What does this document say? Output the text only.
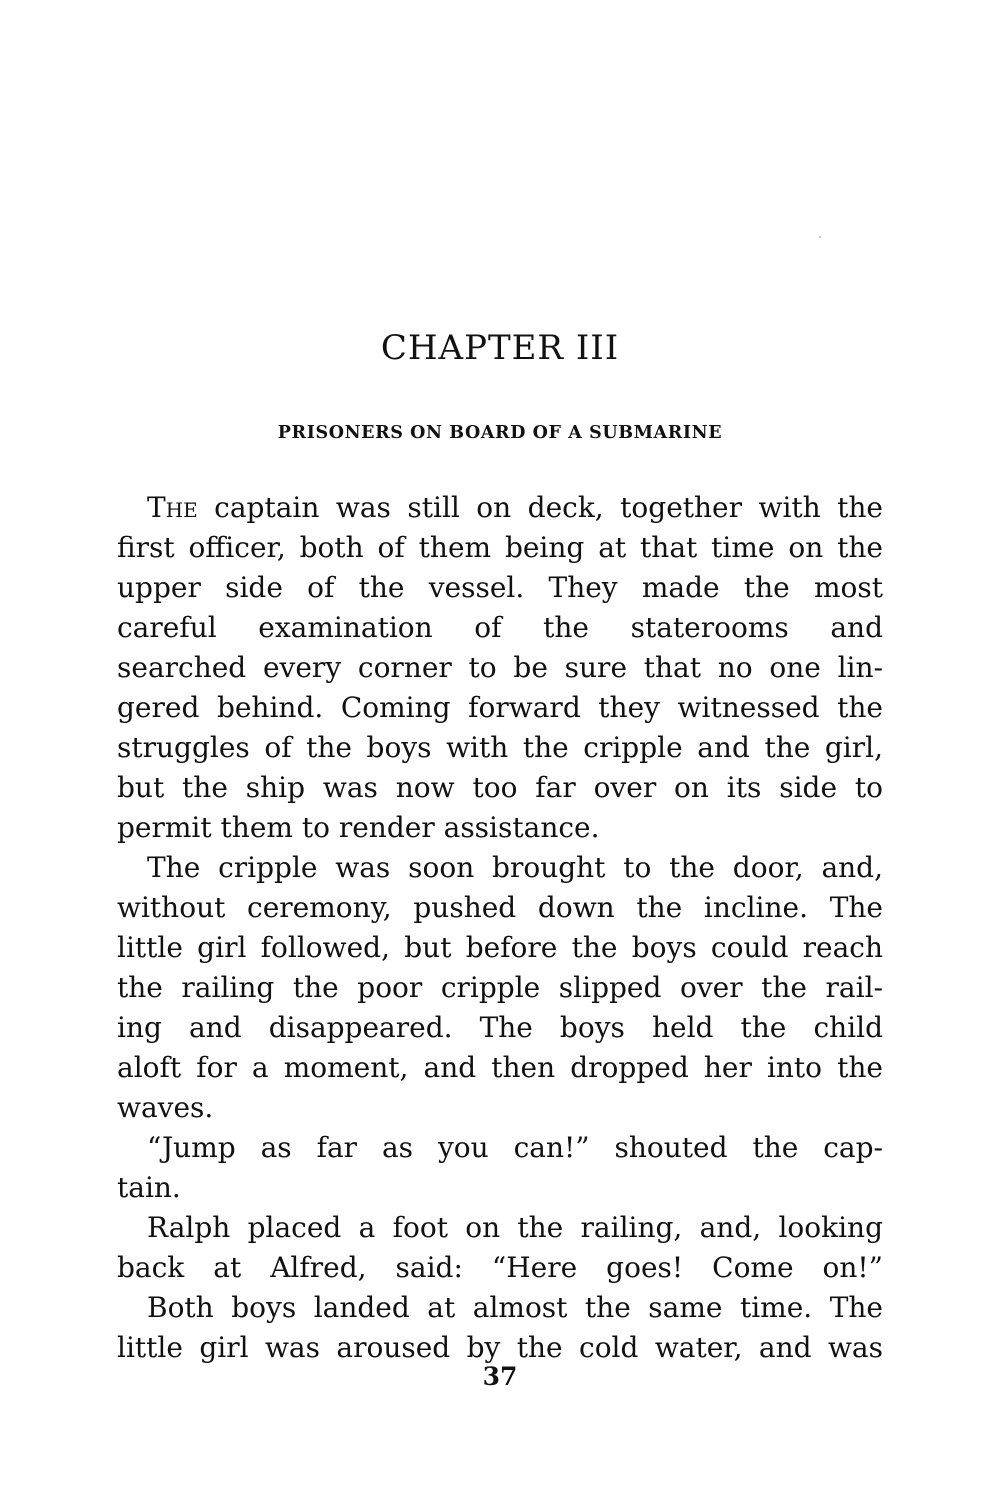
CHAPTER III
PRISONERS ON BOARD OF A SUBMARINE
The captain was still on deck, together with the
first officer, both of them being at that time on the
upper side of the vessel. They made the most
careful examination of the staterooms and
searched every corner to be sure that no one lin-
gered behind. Coming forward they witnessed the
struggles of the boys with the cripple and the girl,
but the ship was now too far over on its side to
permit them to render assistance.
The cripple was soon brought to the door, and,
without ceremony, pushed down the incline. The
little girl followed, but before the boys could reach
the railing the poor cripple slipped over the rail-
ing and disappeared. The boys held the child
aloft for a moment, and then dropped her into the
waves.
“Jump as far as you can!” shouted the cap-
tain.
Ralph placed a foot on the railing, and, looking
back at Alfred, said: “Here goes! Come on!”
Both boys landed at almost the same time. The
little girl was aroused by the cold water, and was
37
